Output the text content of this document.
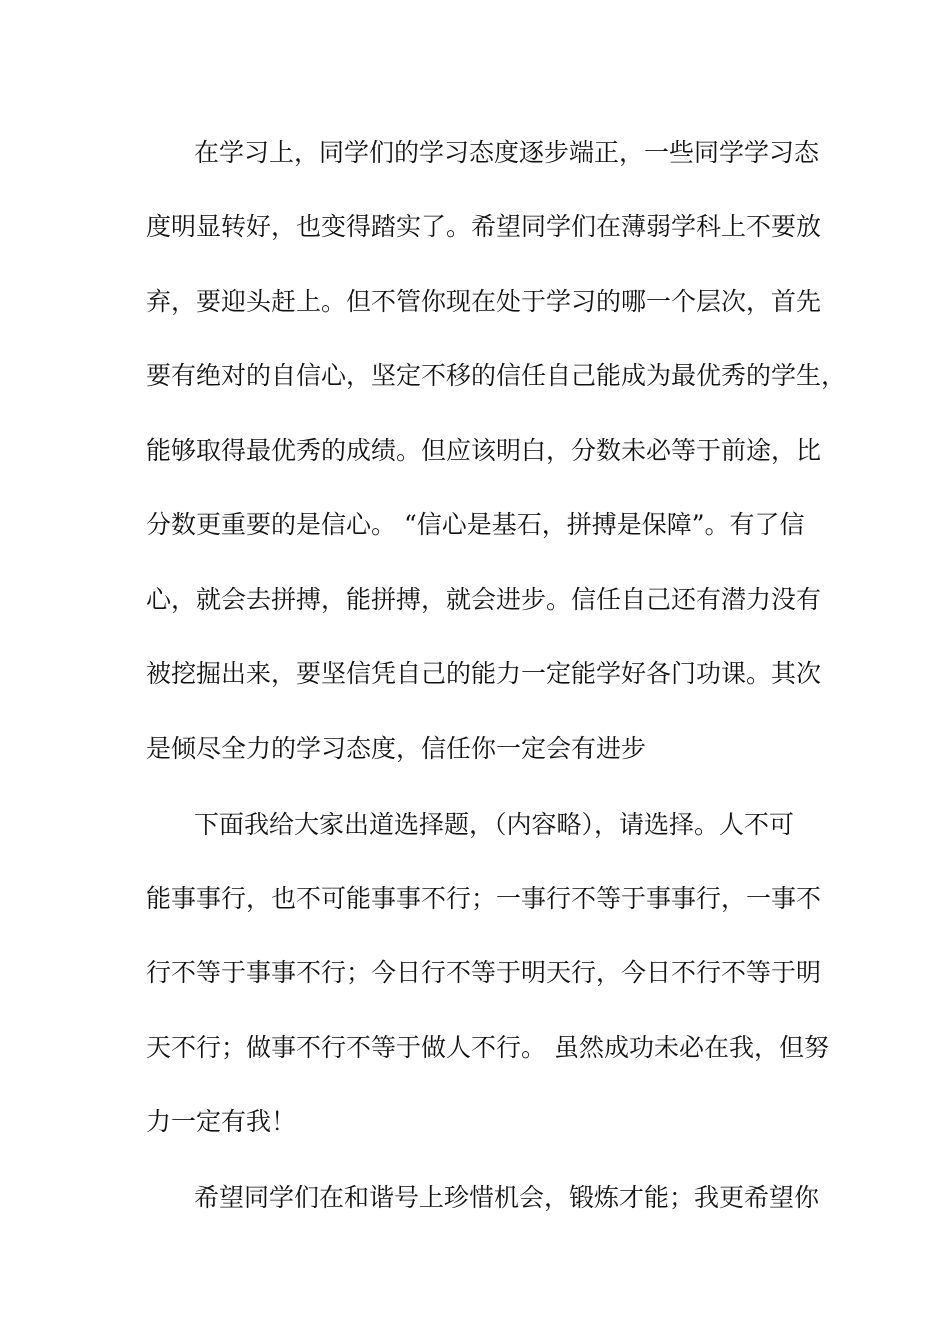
在学习上，同学们的学习态度逐步端正，一些同学学习态

度明显转好，也变得踏实了。希望同学们在薄弱学科上不要放

弃，要迎头赶上。但不管你现在处于学习的哪一个层次，首先

要有绝对的自信心，坚定不移的信任自己能成为最优秀的学生，

能够取得最优秀的成绩。但应该明白，分数未必等于前途，比

分数更重要的是信心。 “信心是基石，拼搏是保障”。有了信

心，就会去拼搏，能拼搏，就会进步。信任自己还有潜力没有

被挖掘出来，要坚信凭自己的能力一定能学好各门功课。其次

是倾尽全力的学习态度，信任你一定会有进步

下面我给大家出道选择题，（内容略），请选择。人不可

能事事行，也不可能事事不行；一事行不等于事事行，一事不

行不等于事事不行；今日行不等于明天行，今日不行不等于明

天不行；做事不行不等于做人不行。 虽然成功未必在我，但努

力一定有我！

希望同学们在和谐号上珍惜机会，锻炼才能；我更希望你
